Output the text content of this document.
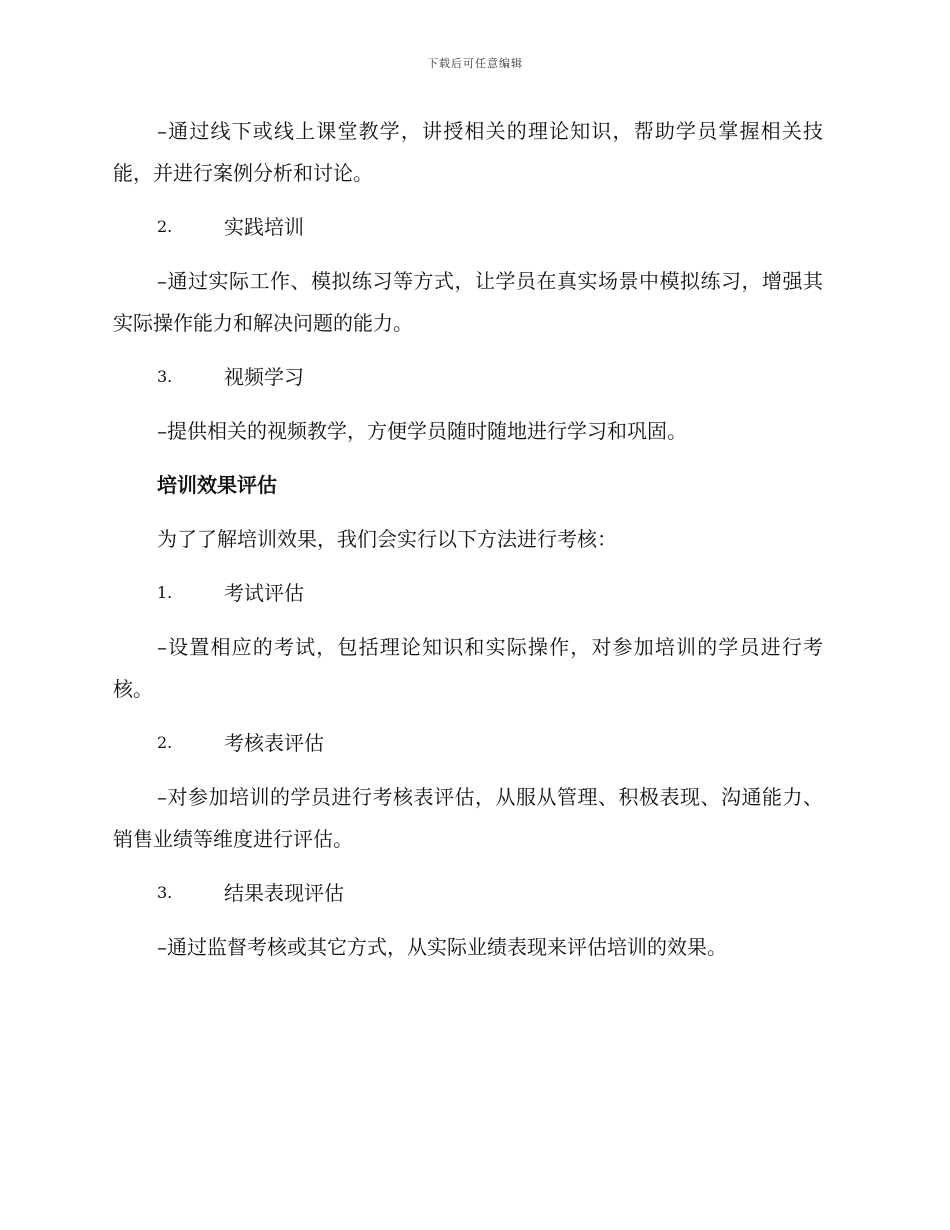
下载后可任意编辑

–通过线下或线上课堂教学，讲授相关的理论知识，帮助学员掌握相关技能，并进行案例分析和讨论。

2.	实践培训

–通过实际工作、模拟练习等方式，让学员在真实场景中模拟练习，增强其实际操作能力和解决问题的能力。

3.	视频学习

–提供相关的视频教学，方便学员随时随地进行学习和巩固。

培训效果评估

为了了解培训效果，我们会实行以下方法进行考核：

1.	考试评估

–设置相应的考试，包括理论知识和实际操作，对参加培训的学员进行考核。

2.	考核表评估

–对参加培训的学员进行考核表评估，从服从管理、积极表现、沟通能力、销售业绩等维度进行评估。

3.	结果表现评估

–通过监督考核或其它方式，从实际业绩表现来评估培训的效果。
